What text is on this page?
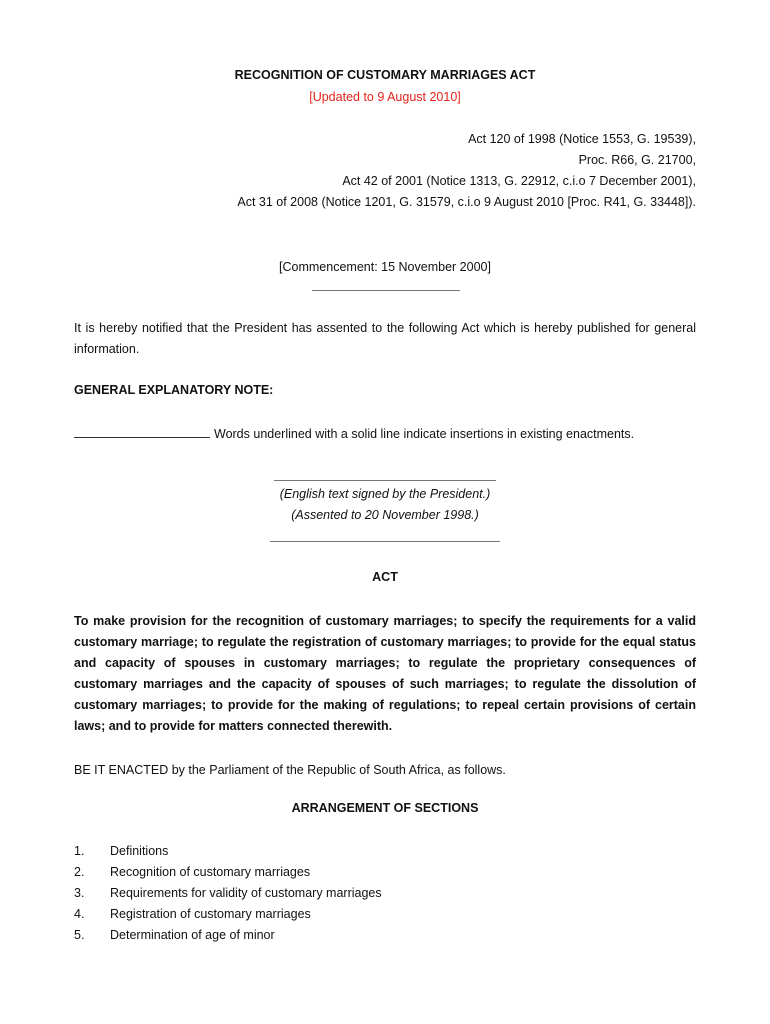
RECOGNITION OF CUSTOMARY MARRIAGES ACT
[Updated to 9 August 2010]
Act 120 of 1998 (Notice 1553, G. 19539),
Proc. R66, G. 21700,
Act 42 of 2001 (Notice 1313, G. 22912, c.i.o 7 December 2001),
Act 31 of 2008 (Notice 1201, G. 31579, c.i.o 9 August 2010 [Proc. R41, G. 33448]).
[Commencement: 15 November 2000]
It is hereby notified that the President has assented to the following Act which is hereby published for general information.
GENERAL EXPLANATORY NOTE:
Words underlined with a solid line indicate insertions in existing enactments.
(English text signed by the President.)
(Assented to 20 November 1998.)
ACT
To make provision for the recognition of customary marriages; to specify the requirements for a valid customary marriage; to regulate the registration of customary marriages; to provide for the equal status and capacity of spouses in customary marriages; to regulate the proprietary consequences of customary marriages and the capacity of spouses of such marriages; to regulate the dissolution of customary marriages; to provide for the making of regulations; to repeal certain provisions of certain laws; and to provide for matters connected therewith.
BE IT ENACTED by the Parliament of the Republic of South Africa, as follows.
ARRANGEMENT OF SECTIONS
1. Definitions
2. Recognition of customary marriages
3. Requirements for validity of customary marriages
4. Registration of customary marriages
5. Determination of age of minor
